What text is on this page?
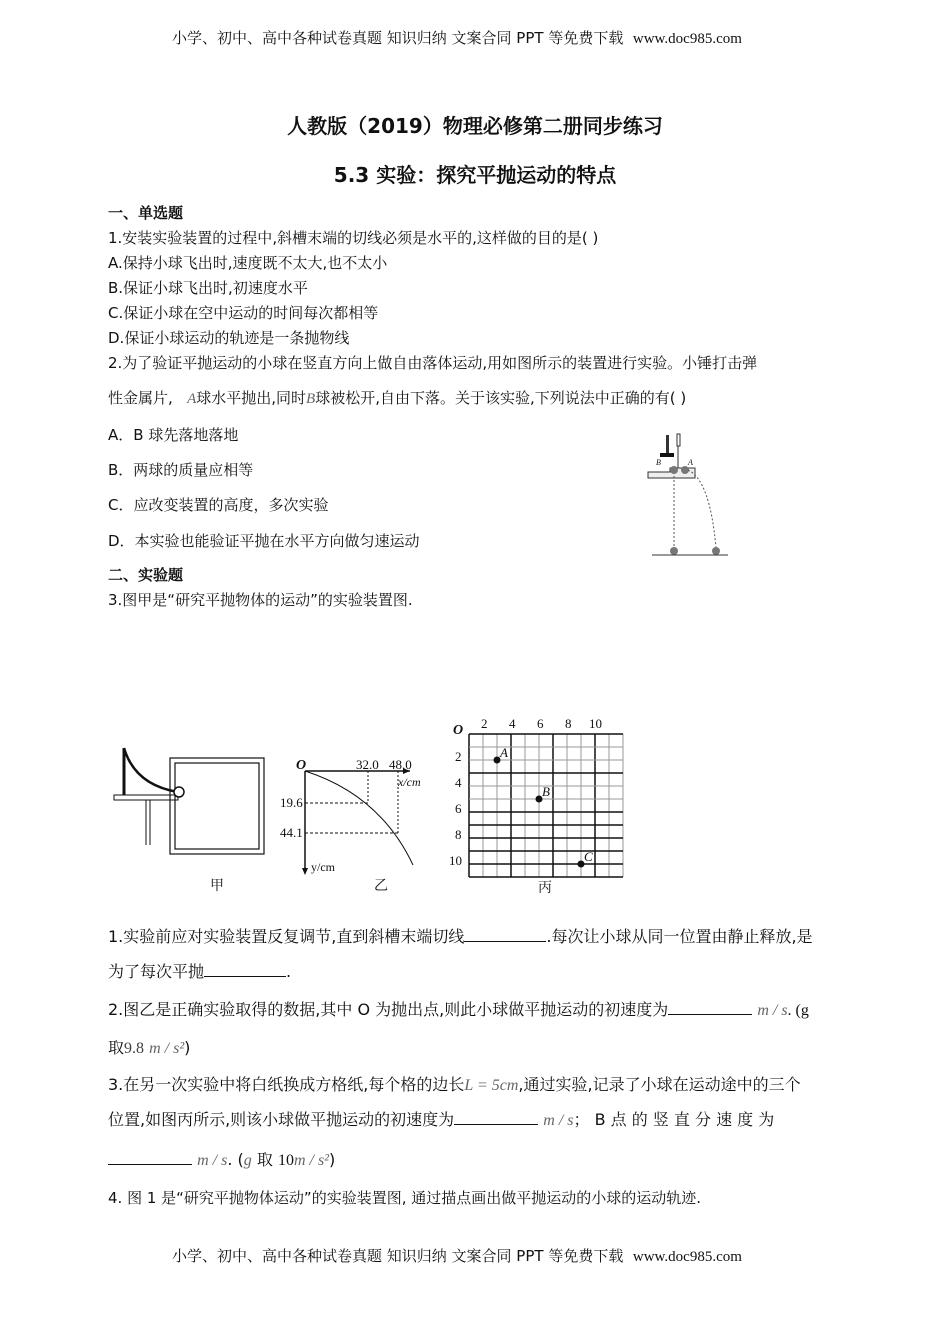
小学、初中、高中各种试卷真题 知识归纳 文案合同 PPT 等免费下载 www.doc985.com
人教版（2019）物理必修第二册同步练习
5.3 实验：探究平抛运动的特点
一、单选题
1.安装实验装置的过程中,斜槽末端的切线必须是水平的,这样做的目的是( )
A.保持小球飞出时,速度既不太大,也不太小
B.保证小球飞出时,初速度水平
C.保证小球在空中运动的时间每次都相等
D.保证小球运动的轨迹是一条抛物线
2.为了验证平抛运动的小球在竖直方向上做自由落体运动,用如图所示的装置进行实验。小锤打击弹
性金属片, A球水平抛出,同时B球被松开,自由下落。关于该实验,下列说法中正确的有( )
A．B 球先落地落地
B．两球的质量应相等
C．应改变装置的高度，多次实验
D．本实验也能验证平抛在水平方向做匀速运动
B	A
二、实验题
3.图甲是“研究平抛物体的运动”的实验装置图.
甲
O	32.0 48.0
x/cm
19.6
44.1
y/cm
乙
A
B
C
O 2 4 6 8 10
2
4
6
8
10
丙
1.实验前应对实验装置反复调节,直到斜槽末端切线	.每次让小球从同一位置由静止释放,是
为了每次平抛	.
2.图乙是正确实验取得的数据,其中 O 为抛出点,则此小球做平抛运动的初速度为	m / s. (g
取9.8 m / s²)
3.在另一次实验中将白纸换成方格纸,每个格的边长L = 5cm,通过实验,记录了小球在运动途中的三个
位置,如图丙所示,则该小球做平抛运动的初速度为	m / s； B 点 的 竖 直 分 速 度 为
m / s. (g 取 10m / s²)
4. 图 1 是“研究平抛物体运动”的实验装置图, 通过描点画出做平抛运动的小球的运动轨迹.
小学、初中、高中各种试卷真题 知识归纳 文案合同 PPT 等免费下载 www.doc985.com
